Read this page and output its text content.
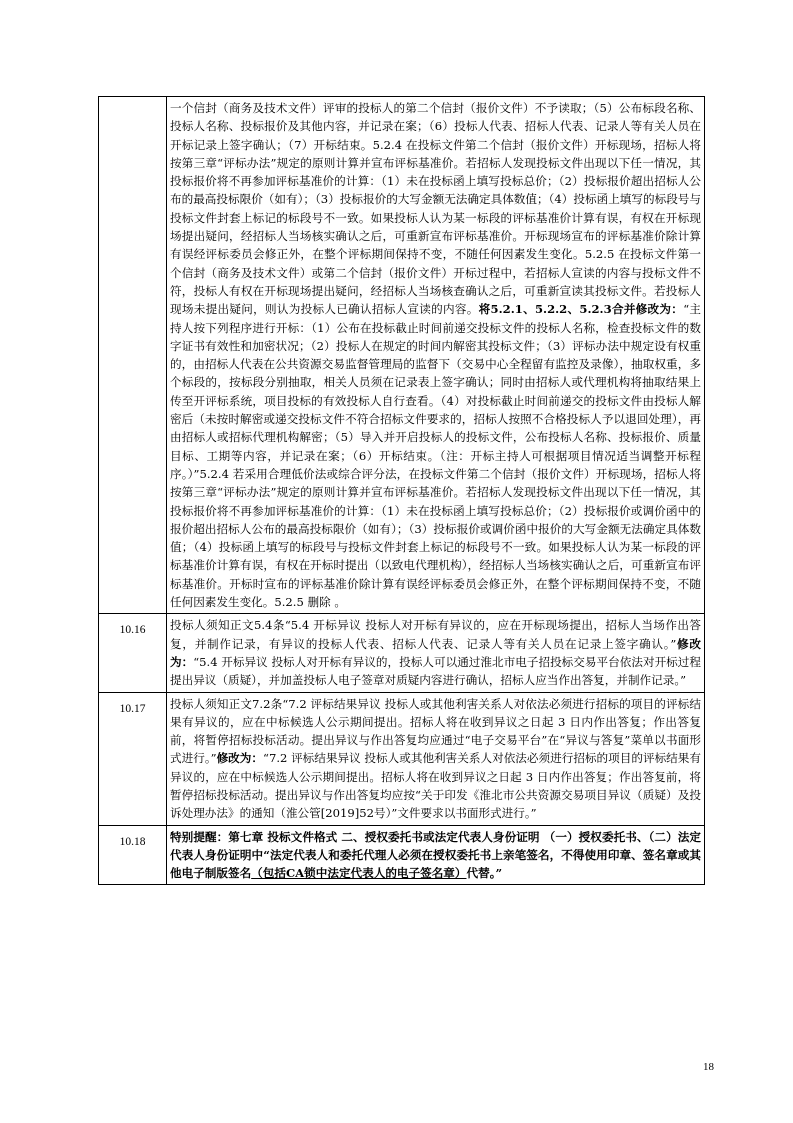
	一个信封（商务及技术文件）评审的投标人的第二个信封（报价文件）不予读取；（5）公布标段名称、投标人名称、投标报价及其他内容，并记录在案；（6）投标人代表、招标人代表、记录人等有关人员在开标记录上签字确认；（7）开标结束。5.2.4 在投标文件第二个信封（报价文件）开标现场，招标人将按第三章“评标办法”规定的原则计算并宣布评标基准价。若招标人发现投标文件出现以下任一情况，其投标报价将不再参加评标基准价的计算：（1）未在投标函上填写投标总价；（2）投标报价超出招标人公布的最高投标限价（如有）；（3）投标报价的大写金额无法确定具体数值；（4）投标函上填写的标段号与投标文件封套上标记的标段号不一致。如果投标人认为某一标段的评标基准价计算有误，有权在开标现场提出疑问，经招标人当场核实确认之后，可重新宣布评标基准价。开标现场宣布的评标基准价除计算有误经评标委员会修正外，在整个评标期间保持不变，不随任何因素发生变化。5.2.5 在投标文件第一个信封（商务及技术文件）或第二个信封（报价文件）开标过程中，若招标人宣读的内容与投标文件不符，投标人有权在开标现场提出疑问，经招标人当场核查确认之后，可重新宣读其投标文件。若投标人现场未提出疑问，则认为投标人已确认招标人宣读的内容。将5.2.1、5.2.2、5.2.3合并修改为：“主持人按下列程序进行开标：（1）公布在投标截止时间前递交投标文件的投标人名称，检查投标文件的数字证书有效性和加密状况；（2）投标人在规定的时间内解密其投标文件；（3）评标办法中规定设有权重的，由招标人代表在公共资源交易监督管理局的监督下（交易中心全程留有监控及录像），抽取权重，多个标段的，按标段分别抽取，相关人员须在记录表上签字确认；同时由招标人或代理机构将抽取结果上传至开评标系统，项目投标的有效投标人自行查看。（4）对投标截止时间前递交的投标文件由投标人解密后（未按时解密或递交投标文件不符合招标文件要求的，招标人按照不合格投标人予以退回处理），再由招标人或招标代理机构解密；（5）导入并开启投标人的投标文件，公布投标人名称、投标报价、质量目标、工期等内容，并记录在案；（6）开标结束。（注：开标主持人可根据项目情况适当调整开标程序。）”5.2.4 若采用合理低价法或综合评分法，在投标文件第二个信封（报价文件）开标现场，招标人将按第三章“评标办法”规定的原则计算并宣布评标基准价。若招标人发现投标文件出现以下任一情况，其投标报价将不再参加评标基准价的计算：（1）未在投标函上填写投标总价；（2）投标报价或调价函中的报价超出招标人公布的最高投标限价（如有）；（3）投标报价或调价函中报价的大写金额无法确定具体数值；（4）投标函上填写的标段号与投标文件封套上标记的标段号不一致。如果投标人认为某一标段的评标基准价计算有误，有权在开标时提出（以致电代理机构），经招标人当场核实确认之后，可重新宣布评标基准价。开标时宣布的评标基准价除计算有误经评标委员会修正外，在整个评标期间保持不变，不随任何因素发生变化。5.2.5 删除 。
10.16	投标人须知正文5.4条“5.4 开标异议 投标人对开标有异议的，应在开标现场提出，招标人当场作出答复，并制作记录，有异议的投标人代表、招标人代表、记录人等有关人员在记录上签字确认。”修改为：“5.4 开标异议 投标人对开标有异议的，投标人可以通过淮北市电子招投标交易平台依法对开标过程提出异议（质疑），并加盖投标人电子签章对质疑内容进行确认，招标人应当作出答复，并制作记录。”
10.17	投标人须知正文7.2条“7.2 评标结果异议 投标人或其他利害关系人对依法必须进行招标的项目的评标结果有异议的，应在中标候选人公示期间提出。招标人将在收到异议之日起 3 日内作出答复；作出答复前，将暂停招标投标活动。提出异议与作出答复均应通过“电子交易平台”在“异议与答复”菜单以书面形式进行。”修改为：“7.2 评标结果异议 投标人或其他利害关系人对依法必须进行招标的项目的评标结果有异议的，应在中标候选人公示期间提出。招标人将在收到异议之日起 3 日内作出答复；作出答复前，将暂停招标投标活动。提出异议与作出答复均应按“关于印发《淮北市公共资源交易项目异议（质疑）及投诉处理办法》的通知（淮公管[2019]52号）”文件要求以书面形式进行。”
10.18	特别提醒：第七章 投标文件格式 二、授权委托书或法定代表人身份证明 （一）授权委托书、（二）法定代表人身份证明中“法定代表人和委托代理人必须在授权委托书上亲笔签名，不得使用印章、签名章或其他电子制版签名（包括CA锁中法定代表人的电子签名章）代替。”
18
